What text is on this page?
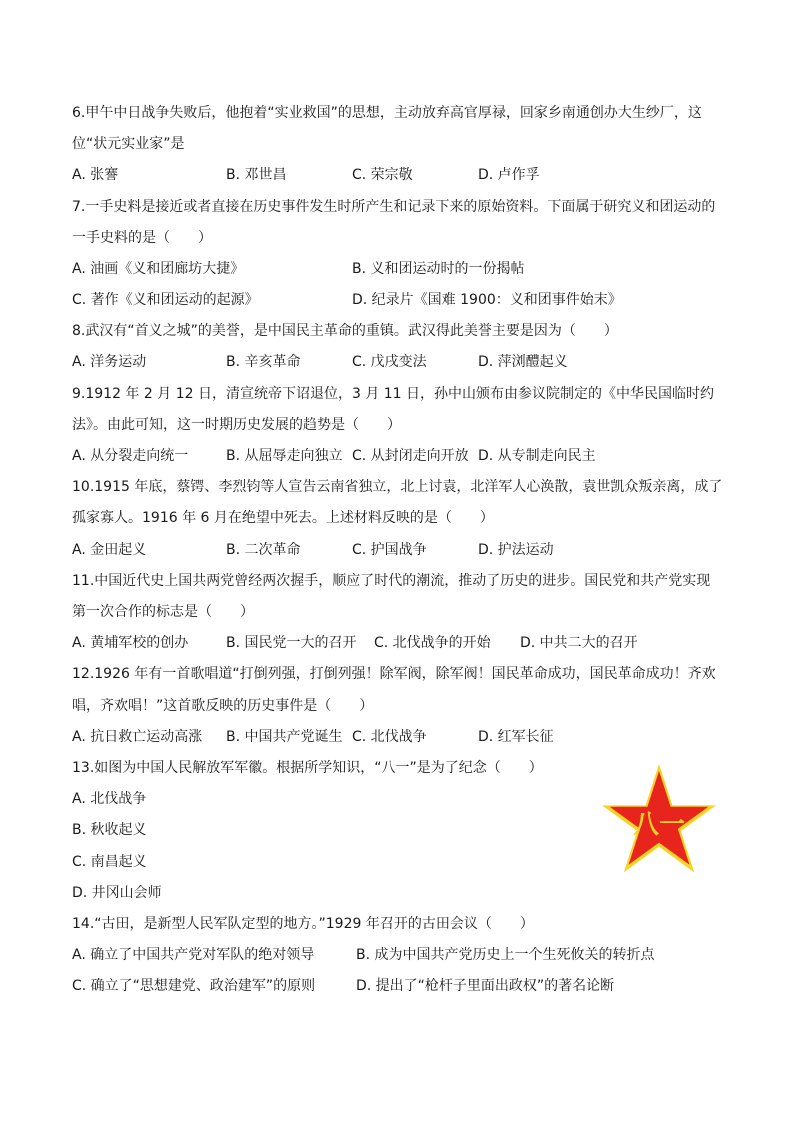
6.甲午中日战争失败后，他抱着“实业救国”的思想，主动放弃高官厚禄，回家乡南通创办大生纱厂，这
位“状元实业家”是
A. 张謇	B. 邓世昌	C. 荣宗敬	D. 卢作孚
7.一手史料是接近或者直接在历史事件发生时所产生和记录下来的原始资料。下面属于研究义和团运动的
一手史料的是（　　）
A. 油画《义和团廊坊大捷》	B. 义和团运动时的一份揭帖
C. 著作《义和团运动的起源》	D. 纪录片《国难 1900：义和团事件始末》
8.武汉有“首义之城”的美誉，是中国民主革命的重镇。武汉得此美誉主要是因为（　　）
A. 洋务运动	B. 辛亥革命	C. 戊戌变法	D. 萍浏醴起义
9.1912 年 2 月 12 日，清宣统帝下诏退位，3 月 11 日，孙中山颁布由参议院制定的《中华民国临时约
法》。由此可知，这一时期历史发展的趋势是（　　）
A. 从分裂走向统一	B. 从屈辱走向独立 C. 从封闭走向开放 D. 从专制走向民主
10.1915 年底，蔡锷、李烈钧等人宣告云南省独立，北上讨袁，北洋军人心涣散，袁世凯众叛亲离，成了
孤家寡人。1916 年 6 月在绝望中死去。上述材料反映的是（　　）
A. 金田起义	B. 二次革命	C. 护国战争	D. 护法运动
11.中国近代史上国共两党曾经两次握手，顺应了时代的潮流，推动了历史的进步。国民党和共产党实现
第一次合作的标志是（　　）
A. 黄埔军校的创办	B. 国民党一大的召开 C. 北伐战争的开始 D. 中共二大的召开
12.1926 年有一首歌唱道“打倒列强，打倒列强！除军阀，除军阀！国民革命成功，国民革命成功！齐欢
唱，齐欢唱！”这首歌反映的历史事件是（　　）
A. 抗日救亡运动高涨 B. 中国共产党诞生 C. 北伐战争	D. 红军长征
13.如图为中国人民解放军军徽。根据所学知识，“八一”是为了纪念（　　）
A. 北伐战争
B. 秋收起义
C. 南昌起义
D. 井冈山会师
八一
14.“古田，是新型人民军队定型的地方。”1929 年召开的古田会议（　　）
A. 确立了中国共产党对军队的绝对领导	B. 成为中国共产党历史上一个生死攸关的转折点
C. 确立了“思想建党、政治建军”的原则	D. 提出了“枪杆子里面出政权”的著名论断
